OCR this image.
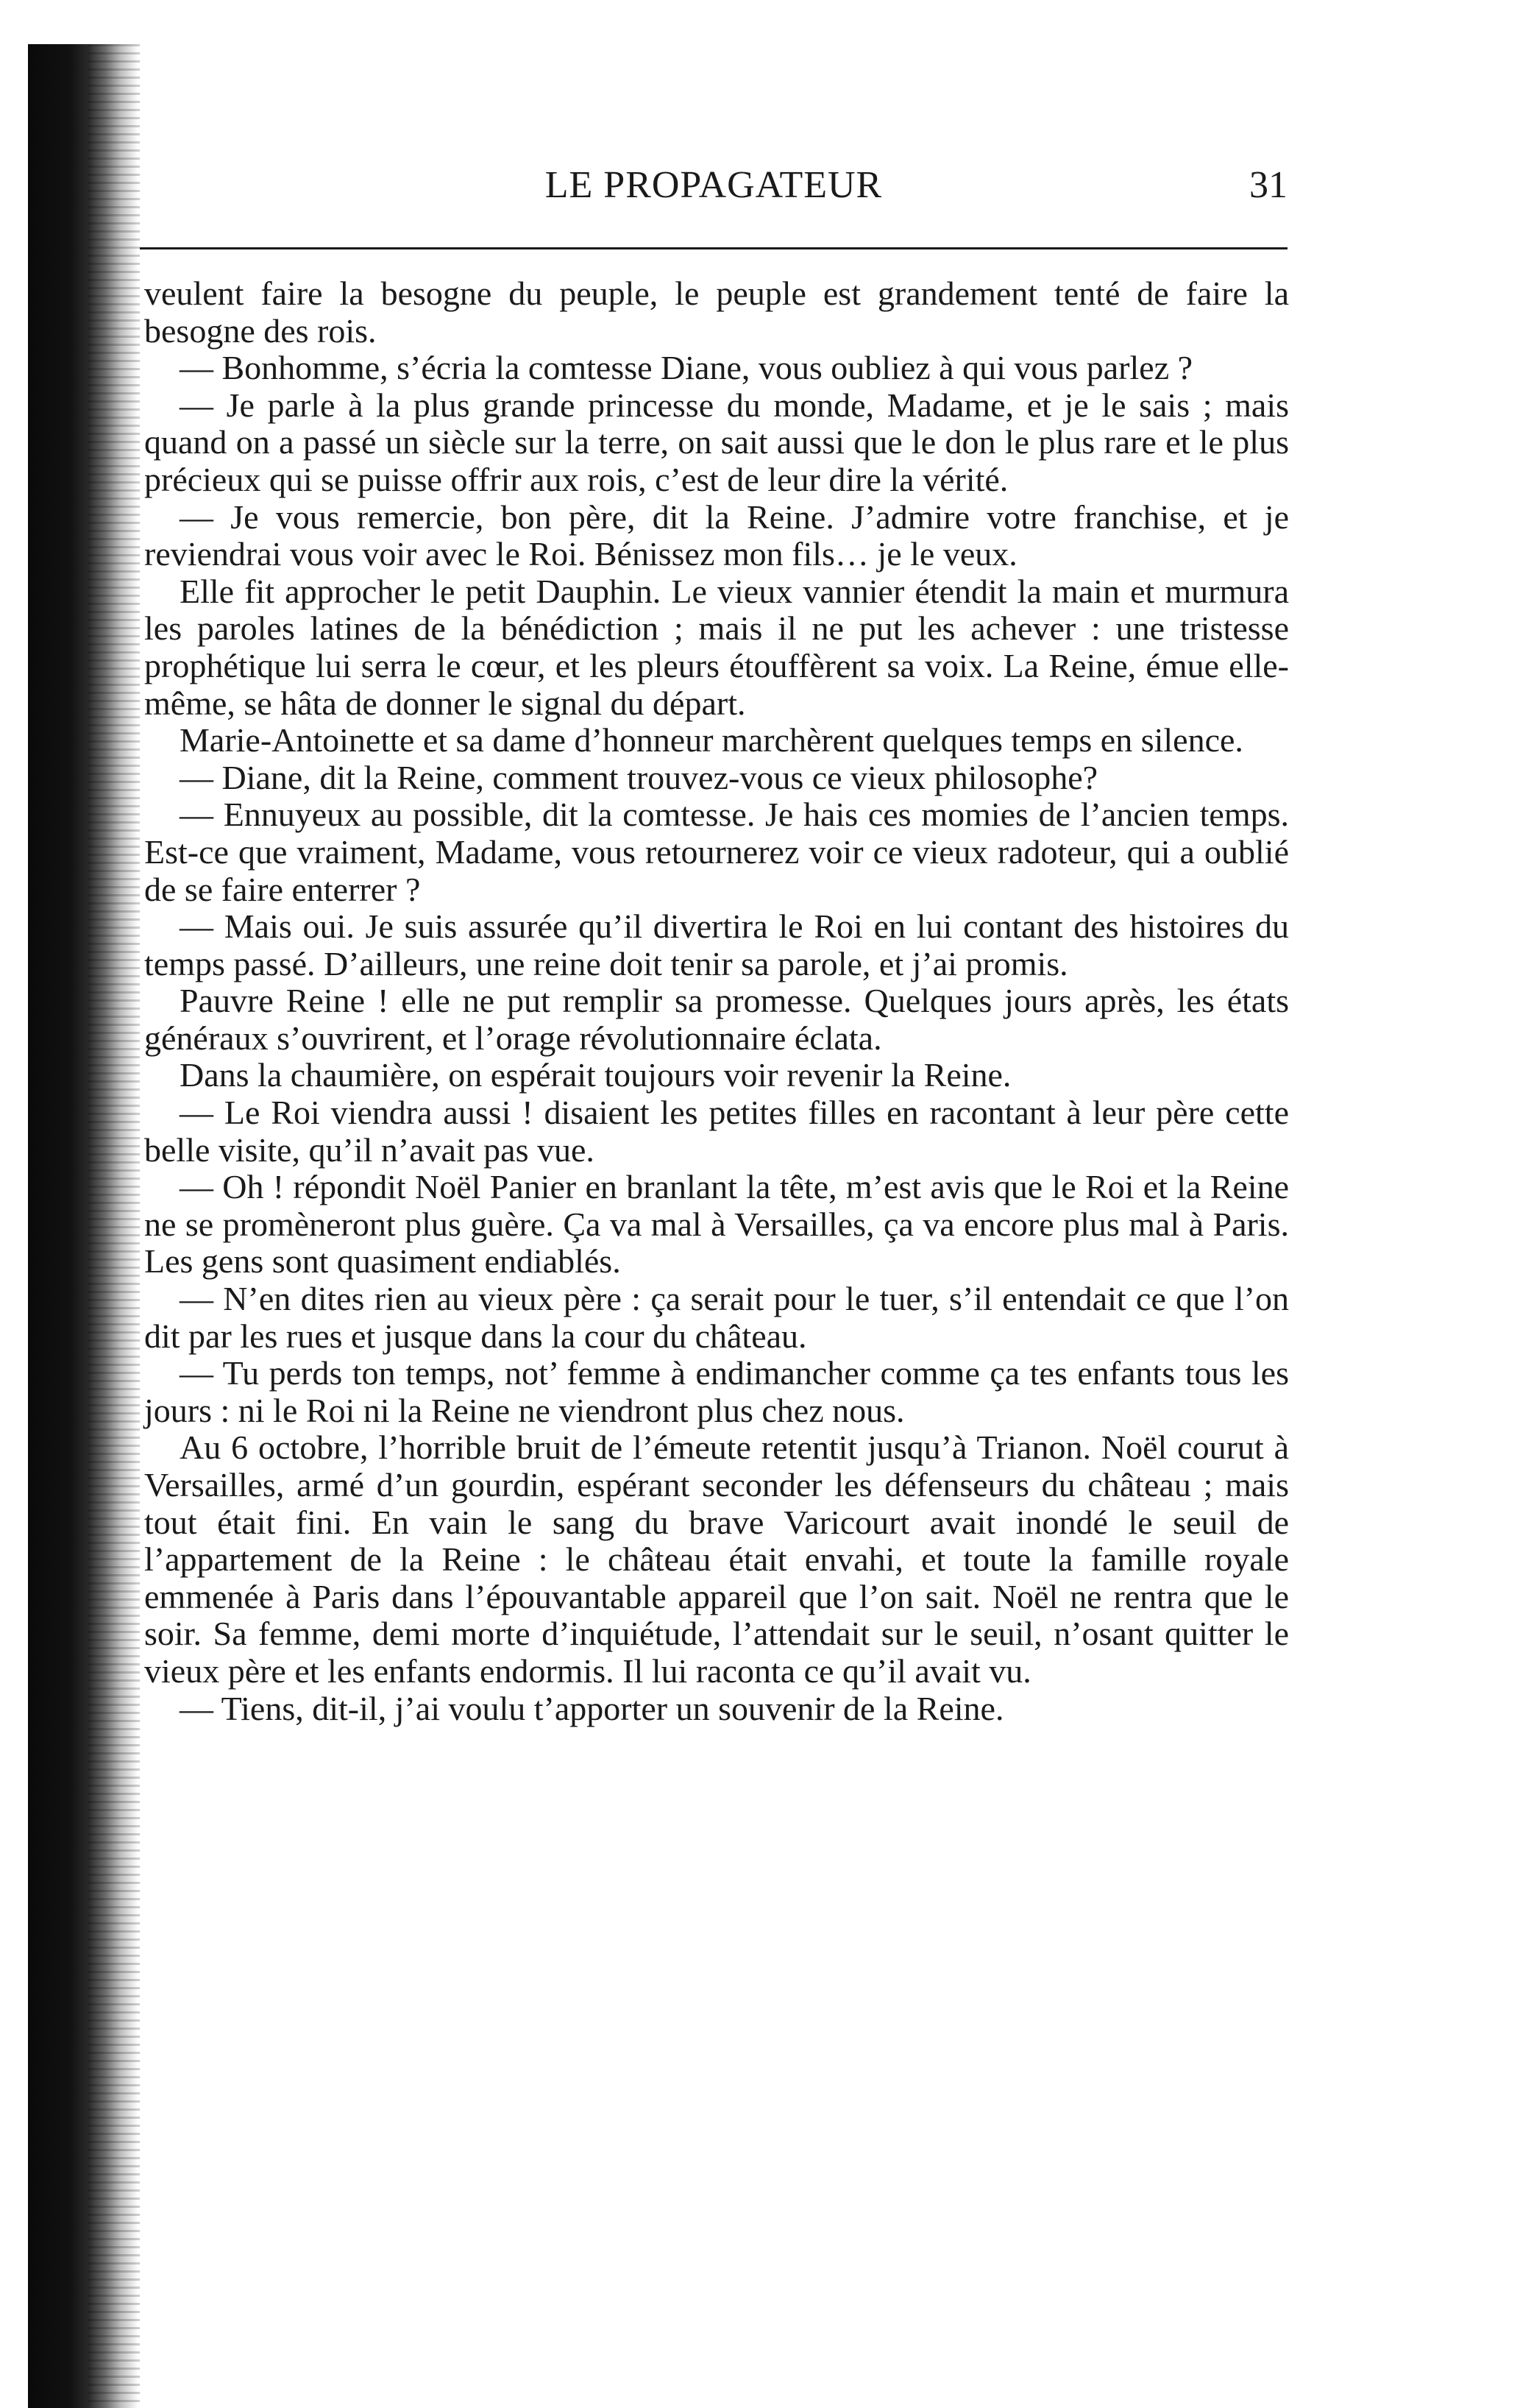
LE PROPAGATEUR	31

veulent faire la besogne du peuple, le peuple est grandement tenté de faire la besogne des rois.

— Bonhomme, s’écria la comtesse Diane, vous oubliez à qui vous parlez ?

— Je parle à la plus grande princesse du monde, Madame, et je le sais ; mais quand on a passé un siècle sur la terre, on sait aussi que le don le plus rare et le plus précieux qui se puisse offrir aux rois, c’est de leur dire la vérité.

— Je vous remercie, bon père, dit la Reine. J’admire votre franchise, et je reviendrai vous voir avec le Roi. Bénissez mon fils… je le veux.

Elle fit approcher le petit Dauphin. Le vieux vannier étendit la main et murmura les paroles latines de la bénédiction ; mais il ne put les achever : une tristesse prophétique lui serra le cœur, et les pleurs étouffèrent sa voix. La Reine, émue elle-même, se hâta de donner le signal du départ.

Marie-Antoinette et sa dame d’honneur marchèrent quelques temps en silence.

— Diane, dit la Reine, comment trouvez-vous ce vieux philosophe?

— Ennuyeux au possible, dit la comtesse. Je hais ces momies de l’ancien temps. Est-ce que vraiment, Madame, vous retournerez voir ce vieux radoteur, qui a oublié de se faire enterrer ?

— Mais oui. Je suis assurée qu’il divertira le Roi en lui contant des histoires du temps passé. D’ailleurs, une reine doit tenir sa parole, et j’ai promis.

Pauvre Reine ! elle ne put remplir sa promesse. Quelques jours après, les états généraux s’ouvrirent, et l’orage révolutionnaire éclata.

Dans la chaumière, on espérait toujours voir revenir la Reine.

— Le Roi viendra aussi ! disaient les petites filles en racontant à leur père cette belle visite, qu’il n’avait pas vue.

— Oh ! répondit Noël Panier en branlant la tête, m’est avis que le Roi et la Reine ne se promèneront plus guère. Ça va mal à Versailles, ça va encore plus mal à Paris. Les gens sont quasiment endiablés.

— N’en dites rien au vieux père : ça serait pour le tuer, s’il entendait ce que l’on dit par les rues et jusque dans la cour du château.

— Tu perds ton temps, not’ femme à endimancher comme ça tes enfants tous les jours : ni le Roi ni la Reine ne viendront plus chez nous.

Au 6 octobre, l’horrible bruit de l’émeute retentit jusqu’à Trianon. Noël courut à Versailles, armé d’un gourdin, espérant seconder les défenseurs du château ; mais tout était fini. En vain le sang du brave Varicourt avait inondé le seuil de l’appartement de la Reine : le château était envahi, et toute la famille royale emmenée à Paris dans l’épouvantable appareil que l’on sait. Noël ne rentra que le soir. Sa femme, demi morte d’inquiétude, l’attendait sur le seuil, n’osant quitter le vieux père et les enfants endormis. Il lui raconta ce qu’il avait vu.

— Tiens, dit-il, j’ai voulu t’apporter un souvenir de la Reine.
